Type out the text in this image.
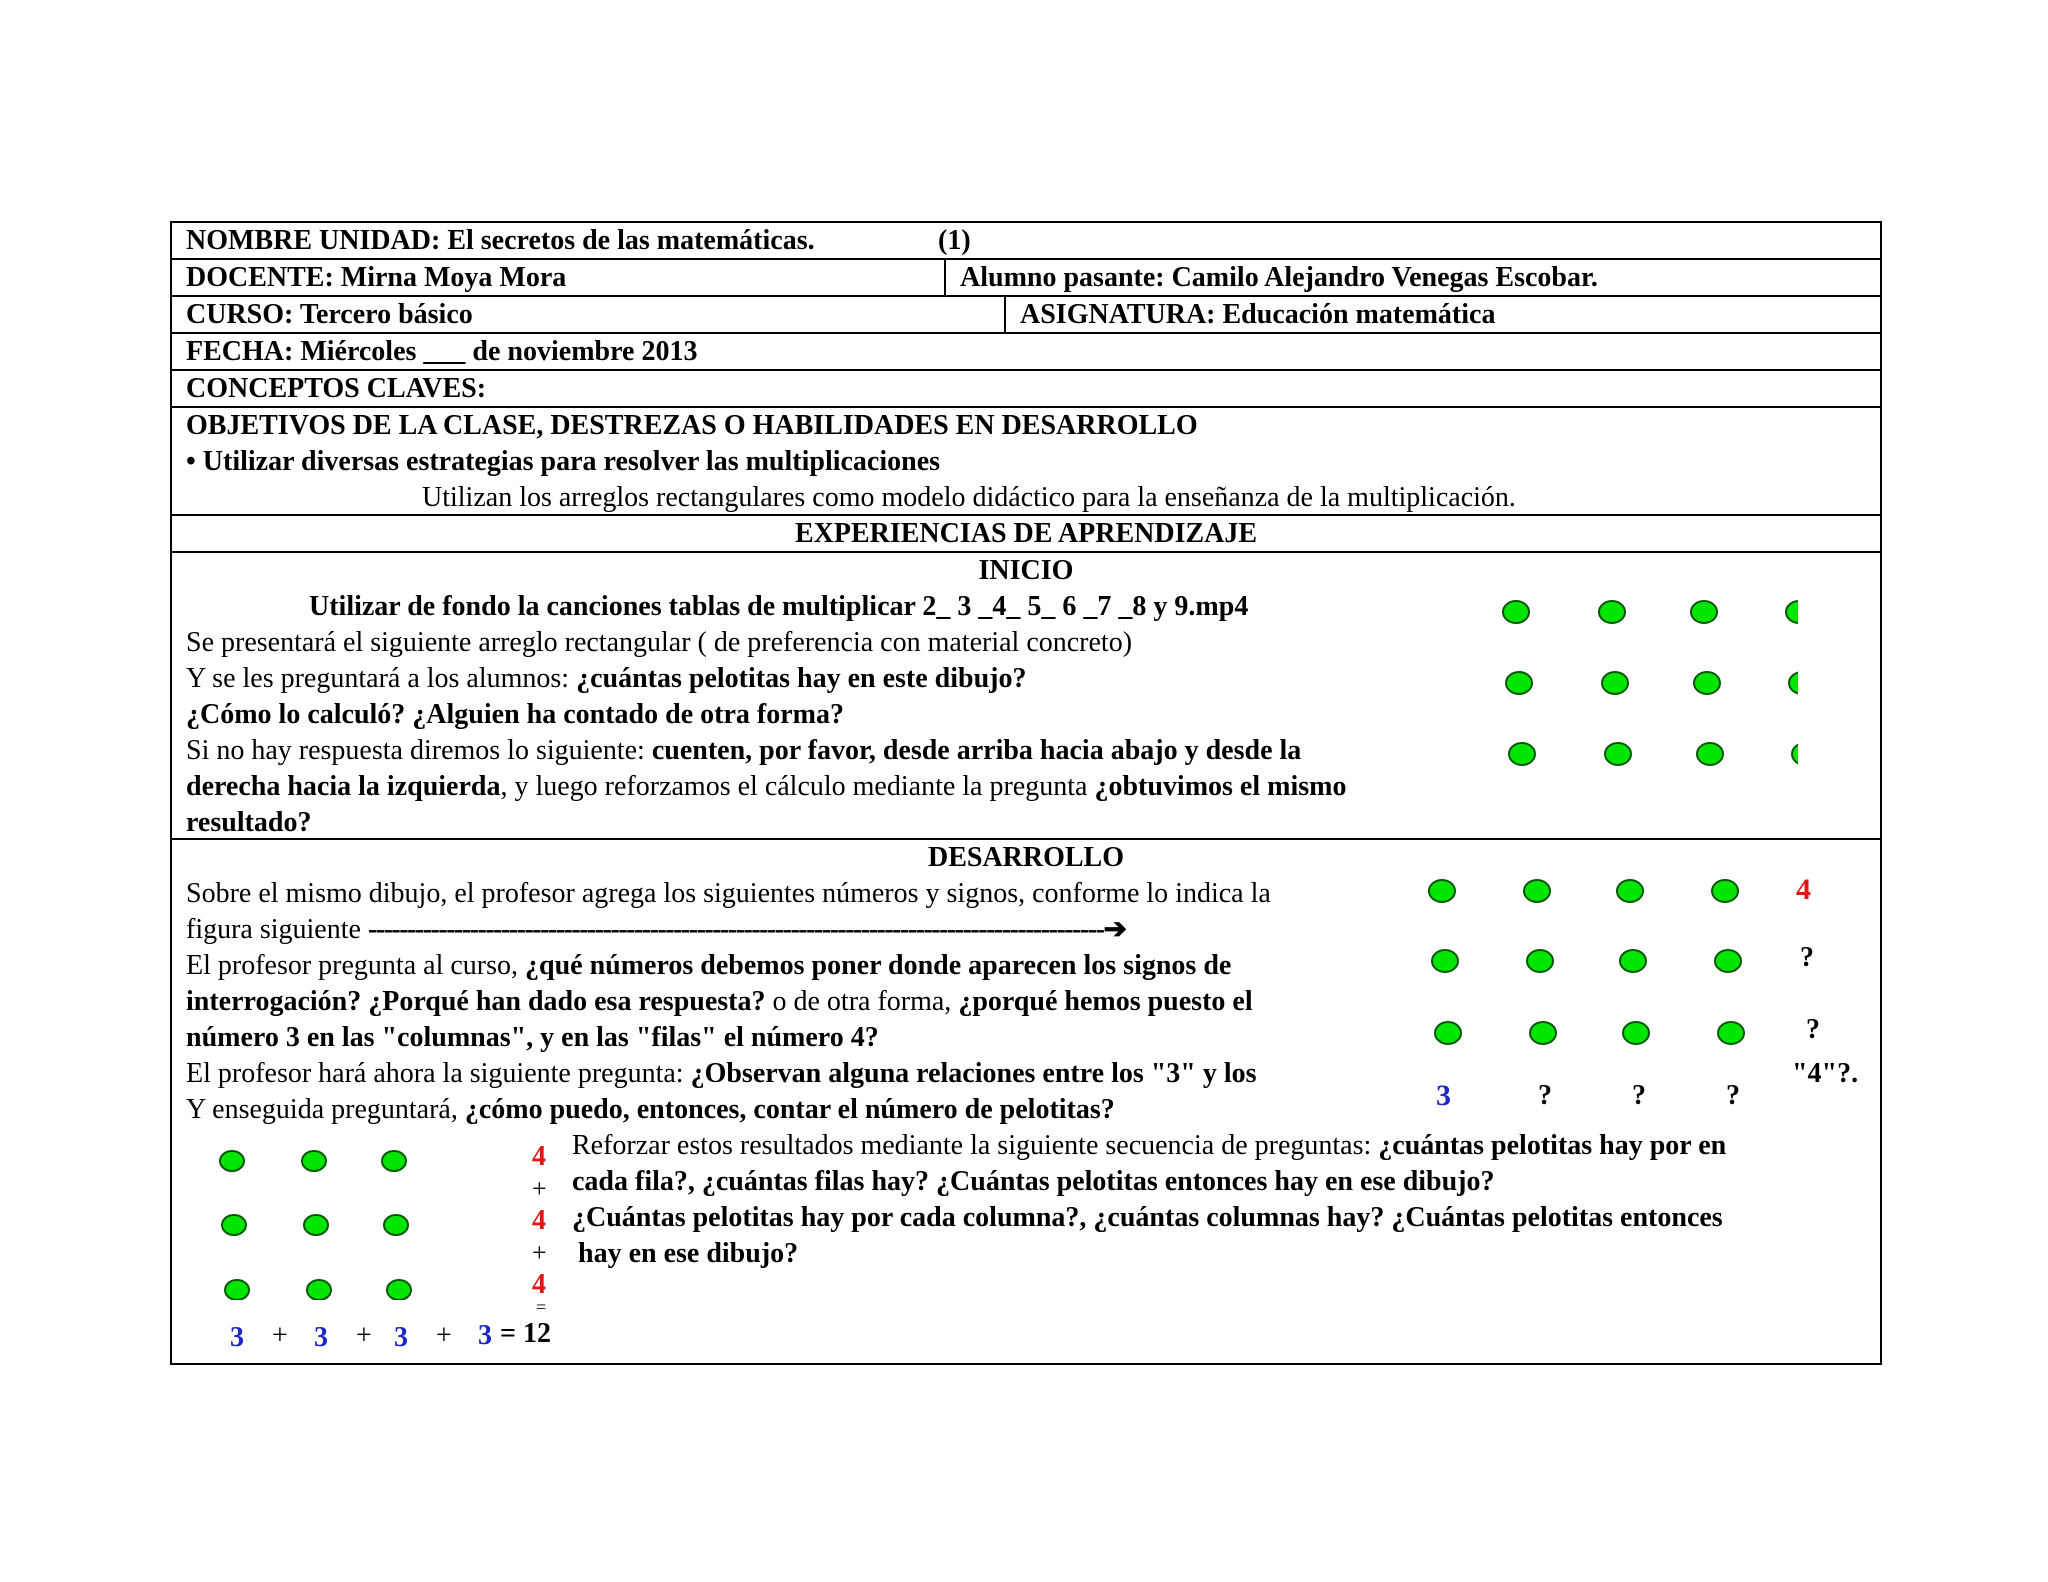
NOMBRE UNIDAD: El secretos de las matemáticas.	(1)
DOCENTE: Mirna Moya Mora	Alumno pasante: Camilo Alejandro Venegas Escobar.
CURSO: Tercero básico	ASIGNATURA: Educación matemática
FECHA: Miércoles ___ de noviembre 2013
CONCEPTOS CLAVES:
OBJETIVOS DE LA CLASE, DESTREZAS O HABILIDADES EN DESARROLLO
• Utilizar diversas estrategias para resolver las multiplicaciones
Utilizan los arreglos rectangulares como modelo didáctico para la enseñanza de la multiplicación.
EXPERIENCIAS DE APRENDIZAJE
INICIO
Utilizar de fondo la canciones tablas de multiplicar 2_ 3 _4_ 5_ 6 _7 _8 y 9.mp4
Se presentará el siguiente arreglo rectangular ( de preferencia con material concreto)
Y se les preguntará a los alumnos: ¿cuántas pelotitas hay en este dibujo?
¿Cómo lo calculó? ¿Alguien ha contado de otra forma?
Si no hay respuesta diremos lo siguiente: cuenten, por favor, desde arriba hacia abajo y desde la
derecha hacia la izquierda, y luego reforzamos el cálculo mediante la pregunta ¿obtuvimos el mismo
resultado?
DESARROLLO
Sobre el mismo dibujo, el profesor agrega los siguientes números y signos, conforme lo indica la
figura siguiente ----------------------------------------------------------------------------------------------➔
El profesor pregunta al curso, ¿qué números debemos poner donde aparecen los signos de
interrogación? ¿Porqué han dado esa respuesta? o de otra forma, ¿porqué hemos puesto el
número 3 en las "columnas", y en las "filas" el número 4?
El profesor hará ahora la siguiente pregunta: ¿Observan alguna relaciones entre los "3" y los	"4"?.
Y enseguida preguntará, ¿cómo puedo, entonces, contar el número de pelotitas?
4
?
?
3	?	?	?
4
+
4
+
4
=
3 + 3 + 3 + 3 = 12
Reforzar estos resultados mediante la siguiente secuencia de preguntas: ¿cuántas pelotitas hay por en
cada fila?, ¿cuántas filas hay? ¿Cuántas pelotitas entonces hay en ese dibujo?
¿Cuántas pelotitas hay por cada columna?, ¿cuántas columnas hay? ¿Cuántas pelotitas entonces
hay en ese dibujo?
